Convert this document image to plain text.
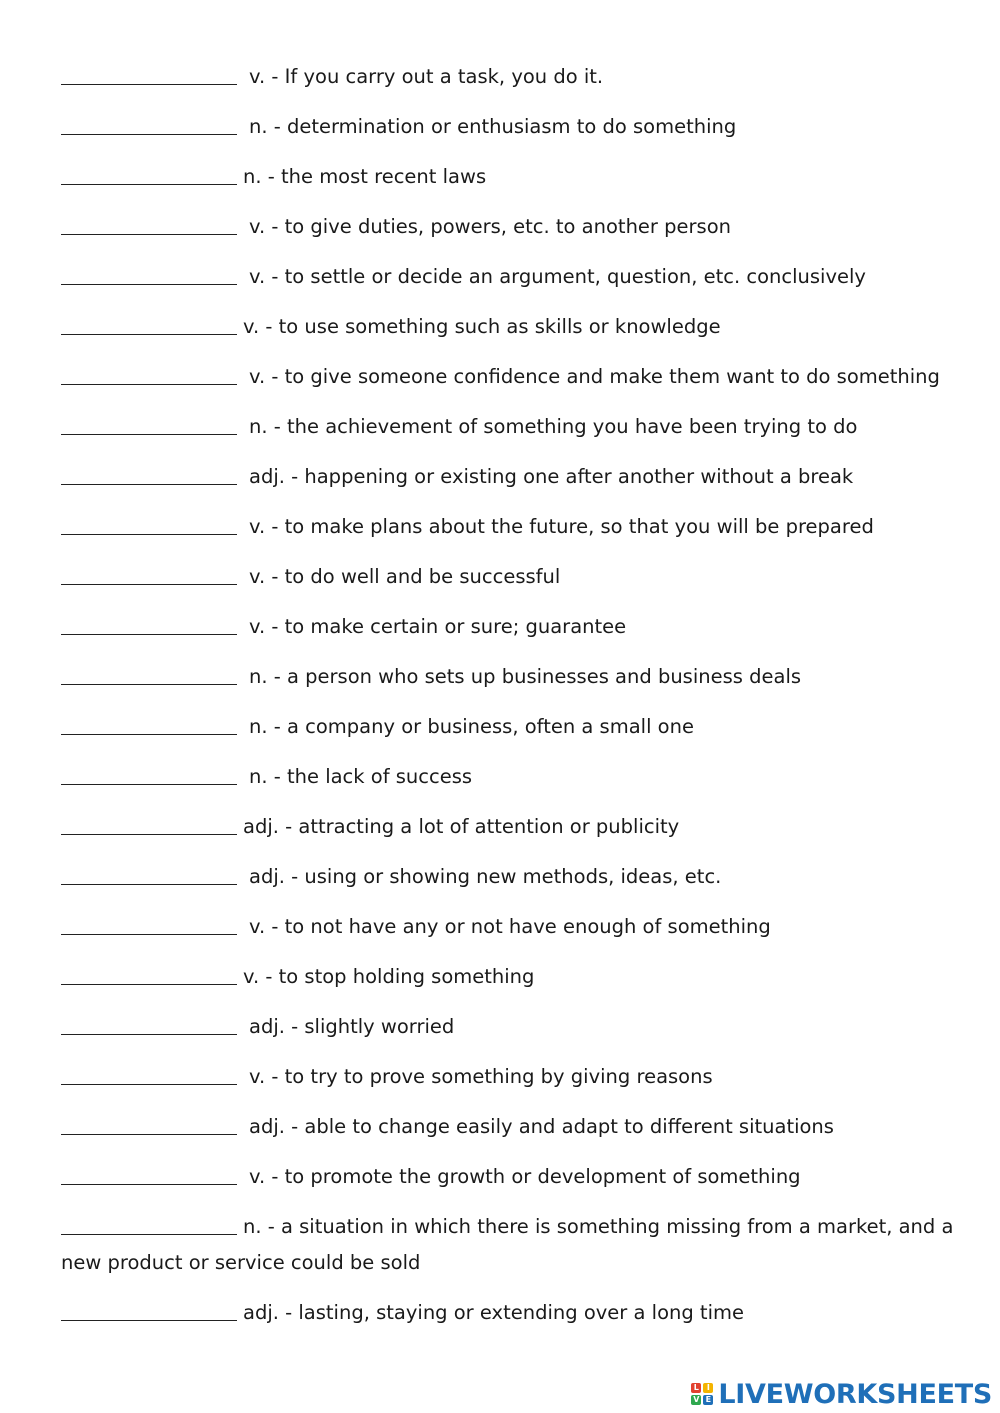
v. - If you carry out a task, you do it.
n. - determination or enthusiasm to do something
n. - the most recent laws
v. - to give duties, powers, etc. to another person
v. - to settle or decide an argument, question, etc. conclusively
v. - to use something such as skills or knowledge
v. - to give someone confidence and make them want to do something
n. - the achievement of something you have been trying to do
adj. - happening or existing one after another without a break
v. - to make plans about the future, so that you will be prepared
v. - to do well and be successful
v. - to make certain or sure; guarantee
n. - a person who sets up businesses and business deals
n. - a company or business, often a small one
n. - the lack of success
adj. - attracting a lot of attention or publicity
adj. - using or showing new methods, ideas, etc.
v. - to not have any or not have enough of something
v. - to stop holding something
adj. - slightly worried
v. - to try to prove something by giving reasons
adj. - able to change easily and adapt to different situations
v. - to promote the growth or development of something
n. - a situation in which there is something missing from a market, and a new product or service could be sold
adj. - lasting, staying or extending over a long time
L I
V E LIVEWORKSHEETS
